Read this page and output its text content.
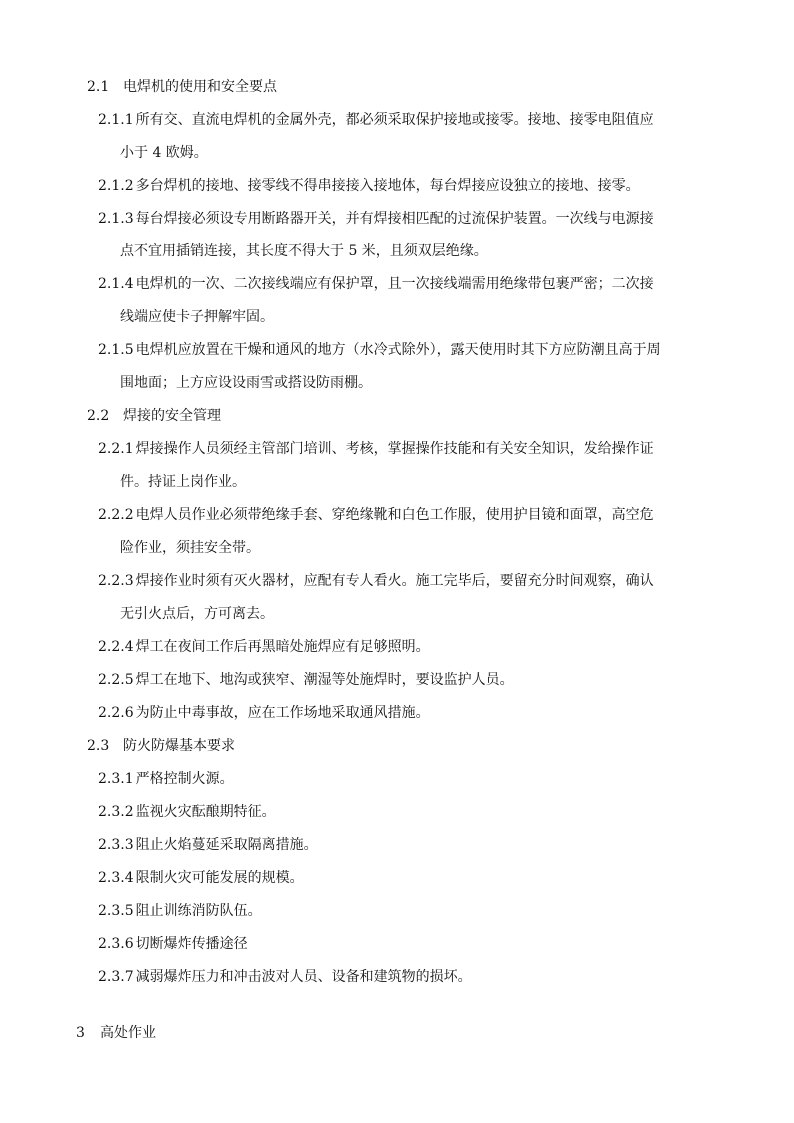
2.1 电焊机的使用和安全要点
2.1.1 所有交、直流电焊机的金属外壳，都必须采取保护接地或接零。接地、接零电阻值应
小于 4 欧姆。
2.1.2 多台焊机的接地、接零线不得串接接入接地体，每台焊接应设独立的接地、接零。
2.1.3 每台焊接必须设专用断路器开关，并有焊接相匹配的过流保护装置。一次线与电源接
点不宜用插销连接，其长度不得大于 5 米，且须双层绝缘。
2.1.4 电焊机的一次、二次接线端应有保护罩，且一次接线端需用绝缘带包裹严密；二次接
线端应使卡子押解牢固。
2.1.5 电焊机应放置在干燥和通风的地方（水冷式除外），露天使用时其下方应防潮且高于周
围地面；上方应设设雨雪或搭设防雨棚。
2.2 焊接的安全管理
2.2.1 焊接操作人员须经主管部门培训、考核，掌握操作技能和有关安全知识，发给操作证
件。持证上岗作业。
2.2.2 电焊人员作业必须带绝缘手套、穿绝缘靴和白色工作服，使用护目镜和面罩，高空危
险作业，须挂安全带。
2.2.3 焊接作业时须有灭火器材，应配有专人看火。施工完毕后，要留充分时间观察，确认
无引火点后，方可离去。
2.2.4 焊工在夜间工作后再黑暗处施焊应有足够照明。
2.2.5 焊工在地下、地沟或狭窄、潮湿等处施焊时，要设监护人员。
2.2.6 为防止中毒事故，应在工作场地采取通风措施。
2.3 防火防爆基本要求
2.3.1 严格控制火源。
2.3.2 监视火灾酝酿期特征。
2.3.3 阻止火焰蔓延采取隔离措施。
2.3.4 限制火灾可能发展的规模。
2.3.5 阻止训练消防队伍。
2.3.6 切断爆炸传播途径
2.3.7 减弱爆炸压力和冲击波对人员、设备和建筑物的损坏。
3 高处作业
